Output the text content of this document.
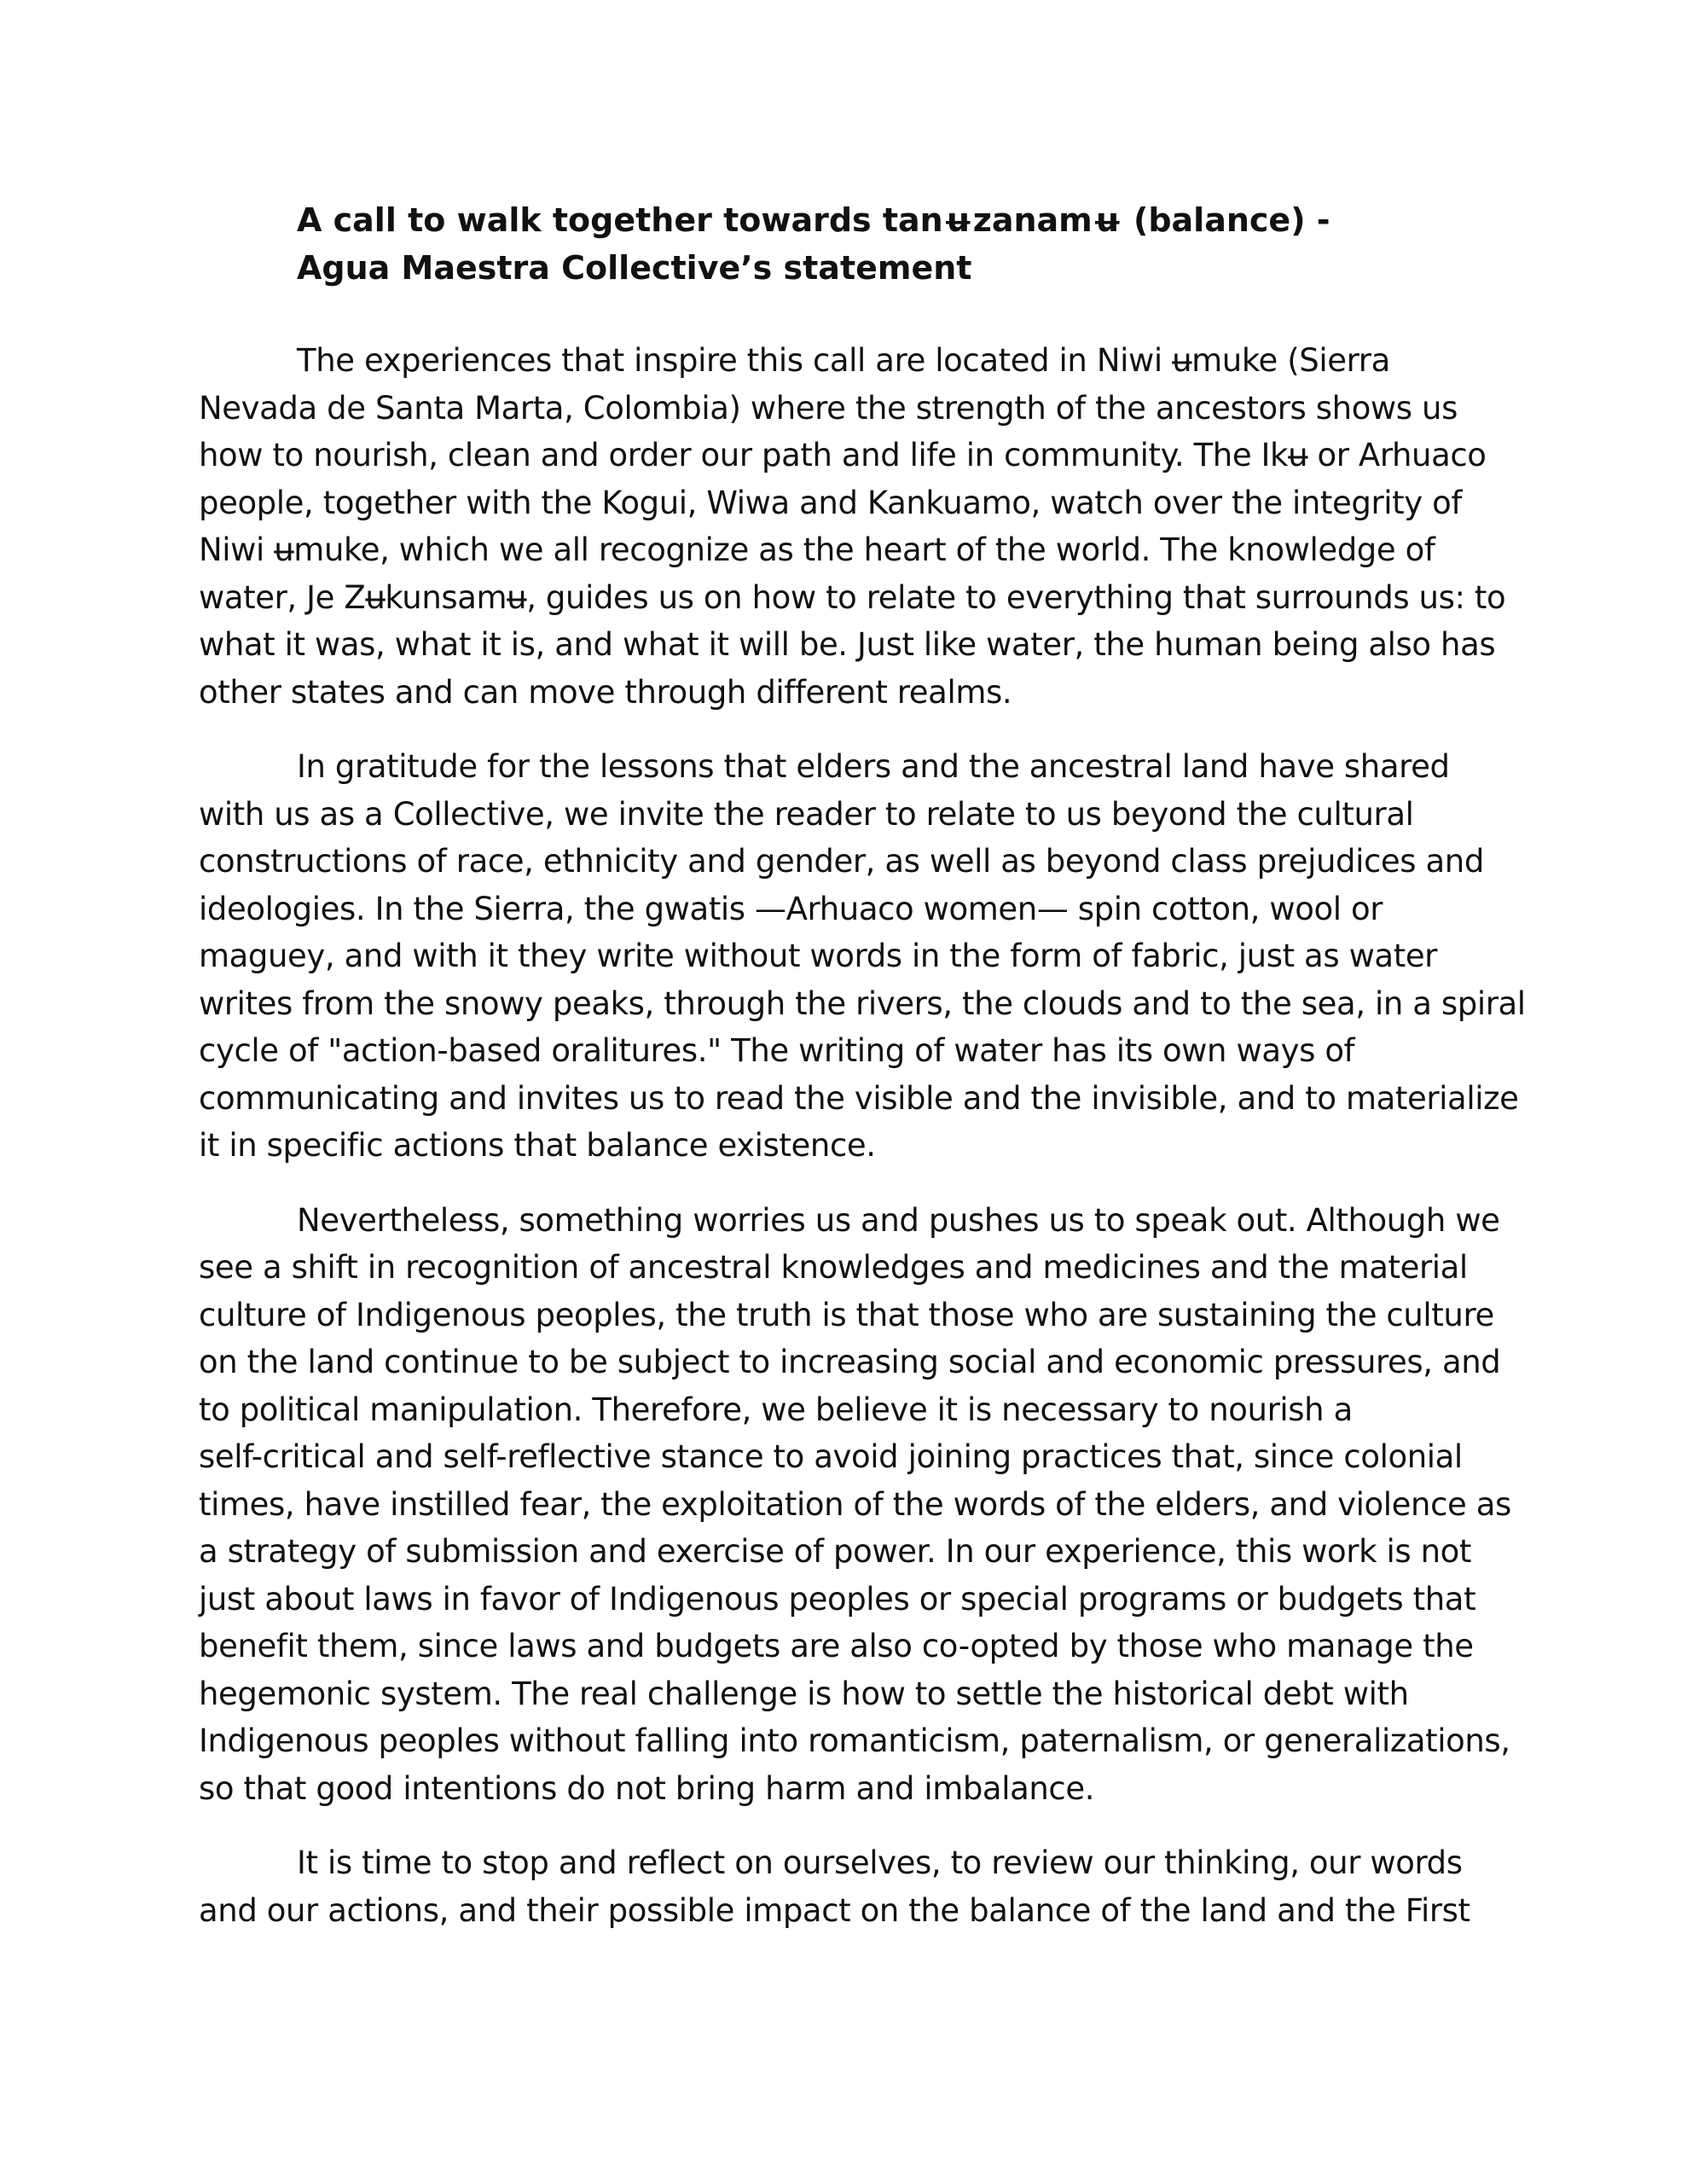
A call to walk together towards tanʉzanamʉ (balance) -

Agua Maestra Collective’s statement

The experiences that inspire this call are located in Niwi ʉmuke (Sierra
Nevada de Santa Marta, Colombia) where the strength of the ancestors shows us
how to nourish, clean and order our path and life in community. The Ikʉ or Arhuaco
people, together with the Kogui, Wiwa and Kankuamo, watch over the integrity of
Niwi ʉmuke, which we all recognize as the heart of the world. The knowledge of
water, Je Zʉkunsamʉ, guides us on how to relate to everything that surrounds us: to
what it was, what it is, and what it will be. Just like water, the human being also has
other states and can move through different realms.

In gratitude for the lessons that elders and the ancestral land have shared
with us as a Collective, we invite the reader to relate to us beyond the cultural
constructions of race, ethnicity and gender, as well as beyond class prejudices and
ideologies. In the Sierra, the gwatis —Arhuaco women— spin cotton, wool or
maguey, and with it they write without words in the form of fabric, just as water
writes from the snowy peaks, through the rivers, the clouds and to the sea, in a spiral
cycle of "action-based oralitures." The writing of water has its own ways of
communicating and invites us to read the visible and the invisible, and to materialize
it in specific actions that balance existence.

Nevertheless, something worries us and pushes us to speak out. Although we
see a shift in recognition of ancestral knowledges and medicines and the material
culture of Indigenous peoples, the truth is that those who are sustaining the culture
on the land continue to be subject to increasing social and economic pressures, and
to political manipulation. Therefore, we believe it is necessary to nourish a
self-critical and self-reflective stance to avoid joining practices that, since colonial
times, have instilled fear, the exploitation of the words of the elders, and violence as
a strategy of submission and exercise of power. In our experience, this work is not
just about laws in favor of Indigenous peoples or special programs or budgets that
benefit them, since laws and budgets are also co-opted by those who manage the
hegemonic system. The real challenge is how to settle the historical debt with
Indigenous peoples without falling into romanticism, paternalism, or generalizations,
so that good intentions do not bring harm and imbalance.

It is time to stop and reflect on ourselves, to review our thinking, our words
and our actions, and their possible impact on the balance of the land and the First
